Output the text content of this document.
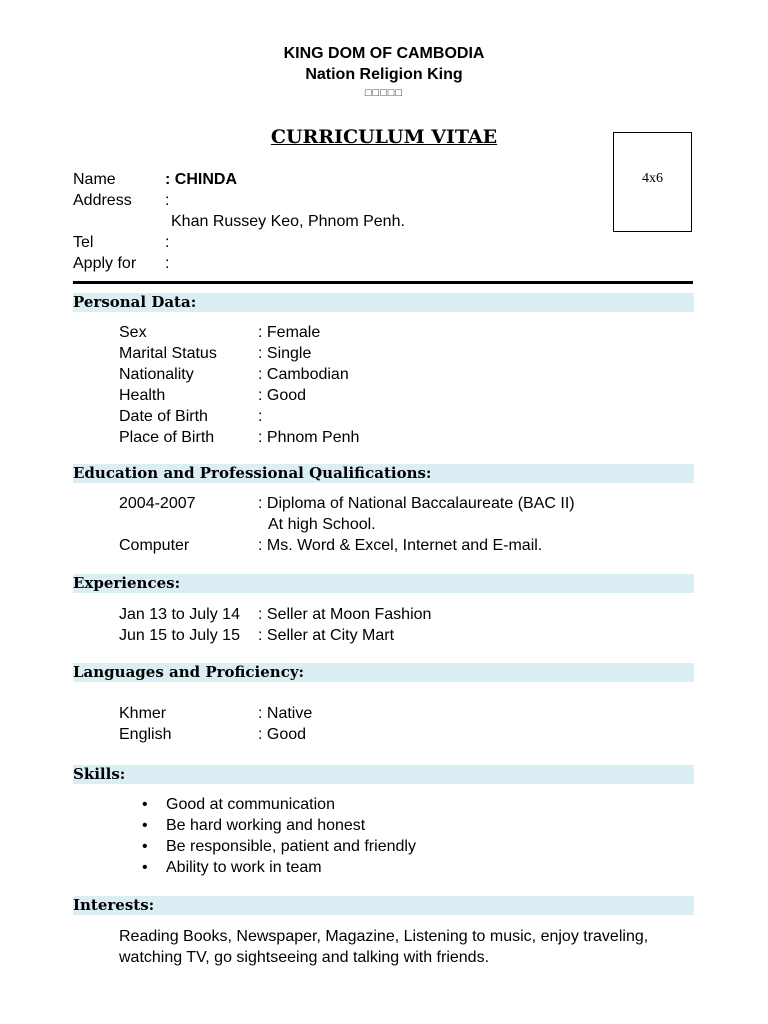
KING DOM OF CAMBODIA
Nation Religion King
□□□□□
CURRICULUM VITAE
4x6
Name	: CHINDA
Address :
Khan Russey Keo, Phnom Penh.
Tel	:
Apply for :
Personal Data:
Sex	: Female
Marital Status	: Single
Nationality	: Cambodian
Health	: Good
Date of Birth	:
Place of Birth	: Phnom Penh
Education and Professional Qualifications:
2004-2007	: Diploma of National Baccalaureate (BAC II)
At high School.
Computer	: Ms. Word & Excel, Internet and E-mail.
Experiences:
Jan 13 to July 14 : Seller at Moon Fashion
Jun 15 to July 15 : Seller at City Mart
Languages and Proficiency:
Khmer	: Native
English	: Good
Skills:
Good at communication
Be hard working and honest
Be responsible, patient and friendly
Ability to work in team
•
•
•
•
Interests:
Reading Books, Newspaper, Magazine, Listening to music, enjoy traveling, watching TV, go sightseeing and talking with friends.
